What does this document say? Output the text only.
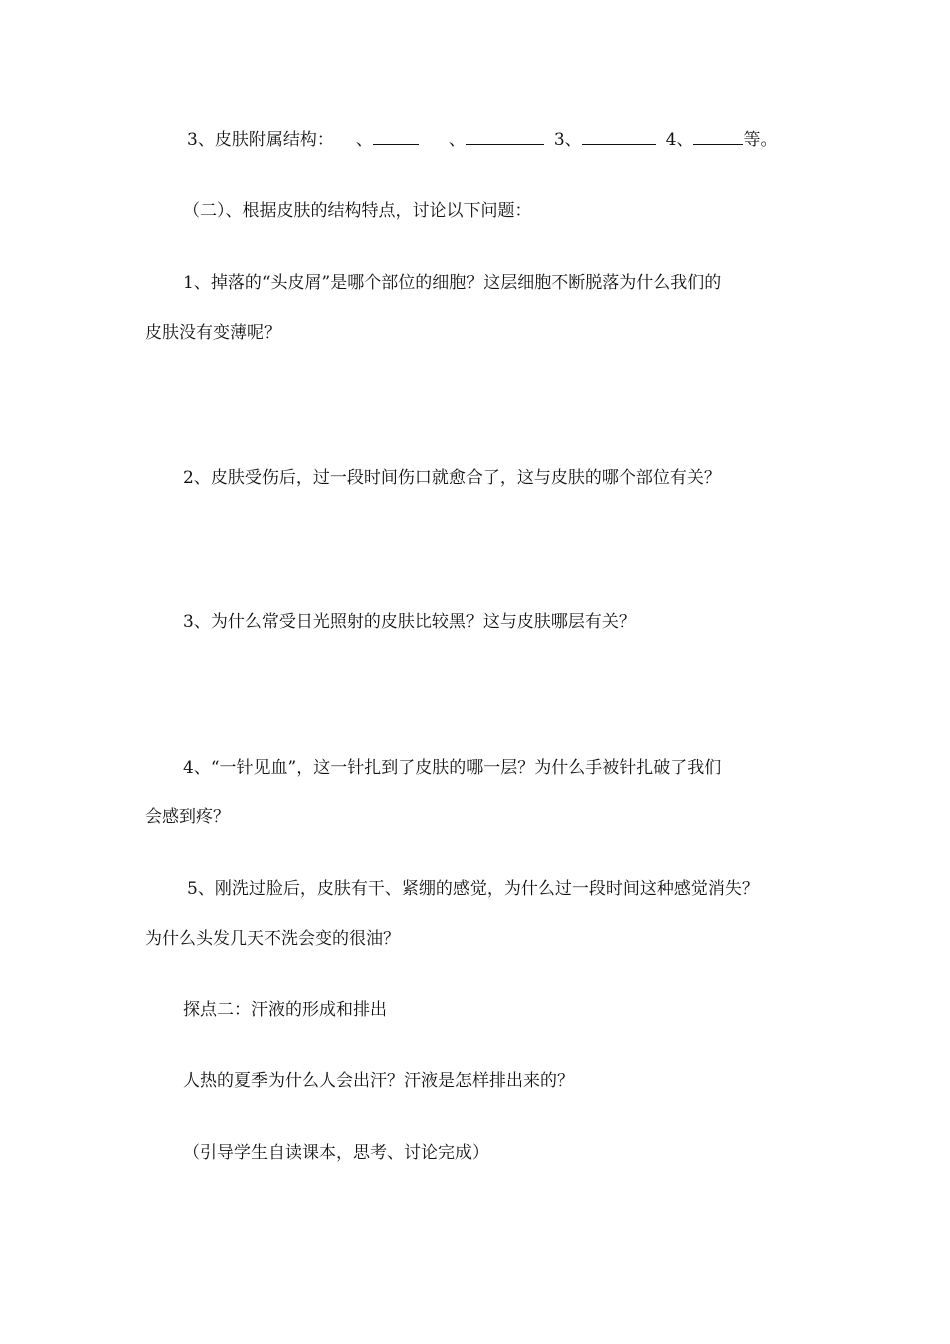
3、皮肤附属结构： 、	、	3、	4、	等。
（二）、根据皮肤的结构特点，讨论以下问题：
1、掉落的“头皮屑”是哪个部位的细胞？这层细胞不断脱落为什么我们的
皮肤没有变薄呢？
2、皮肤受伤后，过一段时间伤口就愈合了，这与皮肤的哪个部位有关？
3、为什么常受日光照射的皮肤比较黑？这与皮肤哪层有关？
4、“一针见血”，这一针扎到了皮肤的哪一层？为什么手被针扎破了我们
会感到疼？
5、刚洗过脸后，皮肤有干、紧绷的感觉，为什么过一段时间这种感觉消失？
为什么头发几天不洗会变的很油？
探点二：汗液的形成和排出
人热的夏季为什么人会出汗？汗液是怎样排出来的？
（引导学生自读课本，思考、讨论完成）
